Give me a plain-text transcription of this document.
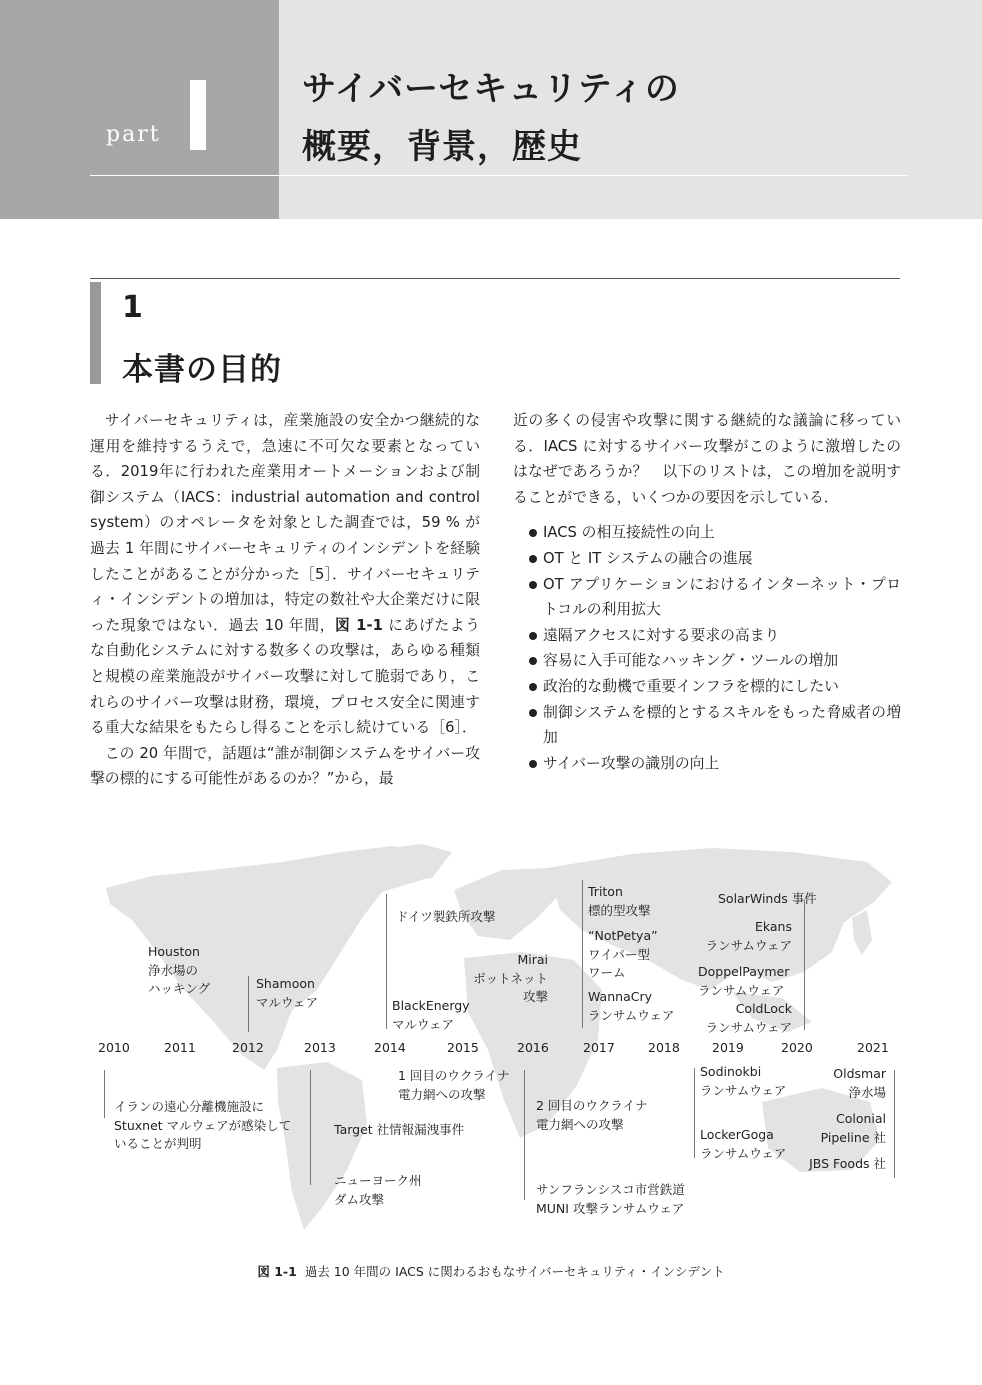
part
サイバーセキュリティの
概要，背景，歴史
1
本書の目的

サイバーセキュリティは，産業施設の安全かつ継続的な運用を維持するうえで，急速に不可欠な要素となっている．2019年に行われた産業用オートメーションおよび制御システム（IACS：industrial automation and control system）のオペレータを対象とした調査では，59 % が過去 1 年間にサイバーセキュリティのインシデントを経験したことがあることが分かった［5］．サイバーセキュリティ・インシデントの増加は，特定の数社や大企業だけに限った現象ではない．過去 10 年間，図 1-1 にあげたような自動化システムに対する数多くの攻撃は，あらゆる種類と規模の産業施設がサイバー攻撃に対して脆弱であり，これらのサイバー攻撃は財務，環境，プロセス安全に関連する重大な結果をもたらし得ることを示し続けている［6］．

この 20 年間で，話題は“誰が制御システムをサイバー攻撃の標的にする可能性があるのか？”から，最

近の多くの侵害や攻撃に関する継続的な議論に移っている．IACS に対するサイバー攻撃がこのように激増したのはなぜであろうか？　以下のリストは，この増加を説明することができる，いくつかの要因を示している．

IACS の相互接続性の向上
OT と IT システムの融合の進展
OT アプリケーションにおけるインターネット・プロトコルの利用拡大
遠隔アクセスに対する要求の高まり
容易に入手可能なハッキング・ツールの増加
政治的な動機で重要インフラを標的にしたい
制御システムを標的とするスキルをもった脅威者の増加
サイバー攻撃の識別の向上
2010	2011	2012	2013	2014	2015	2016	2017	2018	2019	2020	2021
Houston
浄水場の
ハッキング	Shamoon
マルウェア
ドイツ製鉄所攻撃
BlackEnergy
マルウェア
Mirai
ボットネット
攻撃
Triton
標的型攻撃
“NotPetya”
ワイパー型
ワーム
WannaCry
ランサムウェア
SolarWinds 事件
Ekans
ランサムウェア
DoppelPaymer
ランサムウェア
ColdLock
ランサムウェア
イランの遠心分離機施設に
Stuxnet マルウェアが感染して
いることが判明
Target 社情報漏洩事件
ニューヨーク州
ダム攻撃
1 回目のウクライナ
電力網への攻撃
2 回目のウクライナ
電力網への攻撃
サンフランシスコ市営鉄道
MUNI 攻撃ランサムウェア
Sodinokbi
ランサムウェア
LockerGoga
ランサムウェア
Oldsmar
浄水場
Colonial
Pipeline 社
JBS Foods 社
図 1-1 過去 10 年間の IACS に関わるおもなサイバーセキュリティ・インシデント
